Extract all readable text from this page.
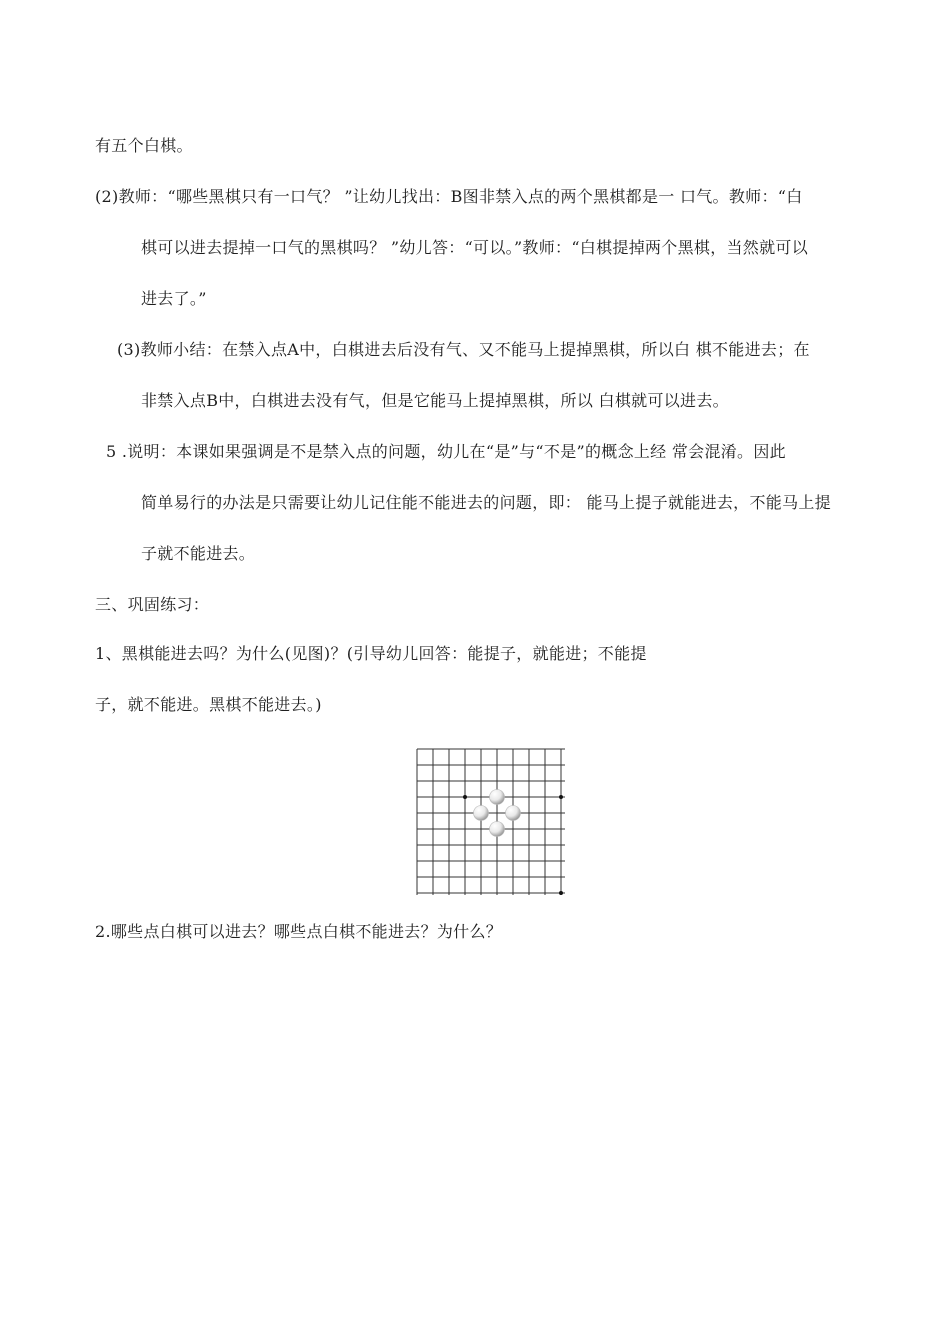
有五个白棋。
(2)教师：“哪些黑棋只有一口气？ ”让幼儿找出：B图非禁入点的两个黑棋都是一 口气。教师：“白
棋可以进去提掉一口气的黑棋吗？ ”幼儿答：“可以。”教师：“白棋提掉两个黑棋，当然就可以
进去了。”
(3)教师小结：在禁入点A中，白棋进去后没有气、又不能马上提掉黑棋，所以白 棋不能进去；在
非禁入点B中，白棋进去没有气，但是它能马上提掉黑棋，所以 白棋就可以进去。
5 .说明：本课如果强调是不是禁入点的问题，幼儿在“是”与“不是”的概念上经 常会混淆。因此
简单易行的办法是只需要让幼儿记住能不能进去的问题，即： 能马上提子就能进去，不能马上提
子就不能进去。
三、巩固练习：
1、黑棋能进去吗？为什么(见图)？(引导幼儿回答：能提子，就能进；不能提
子，就不能进。黑棋不能进去。)
2.哪些点白棋可以进去？哪些点白棋不能进去？为什么？
